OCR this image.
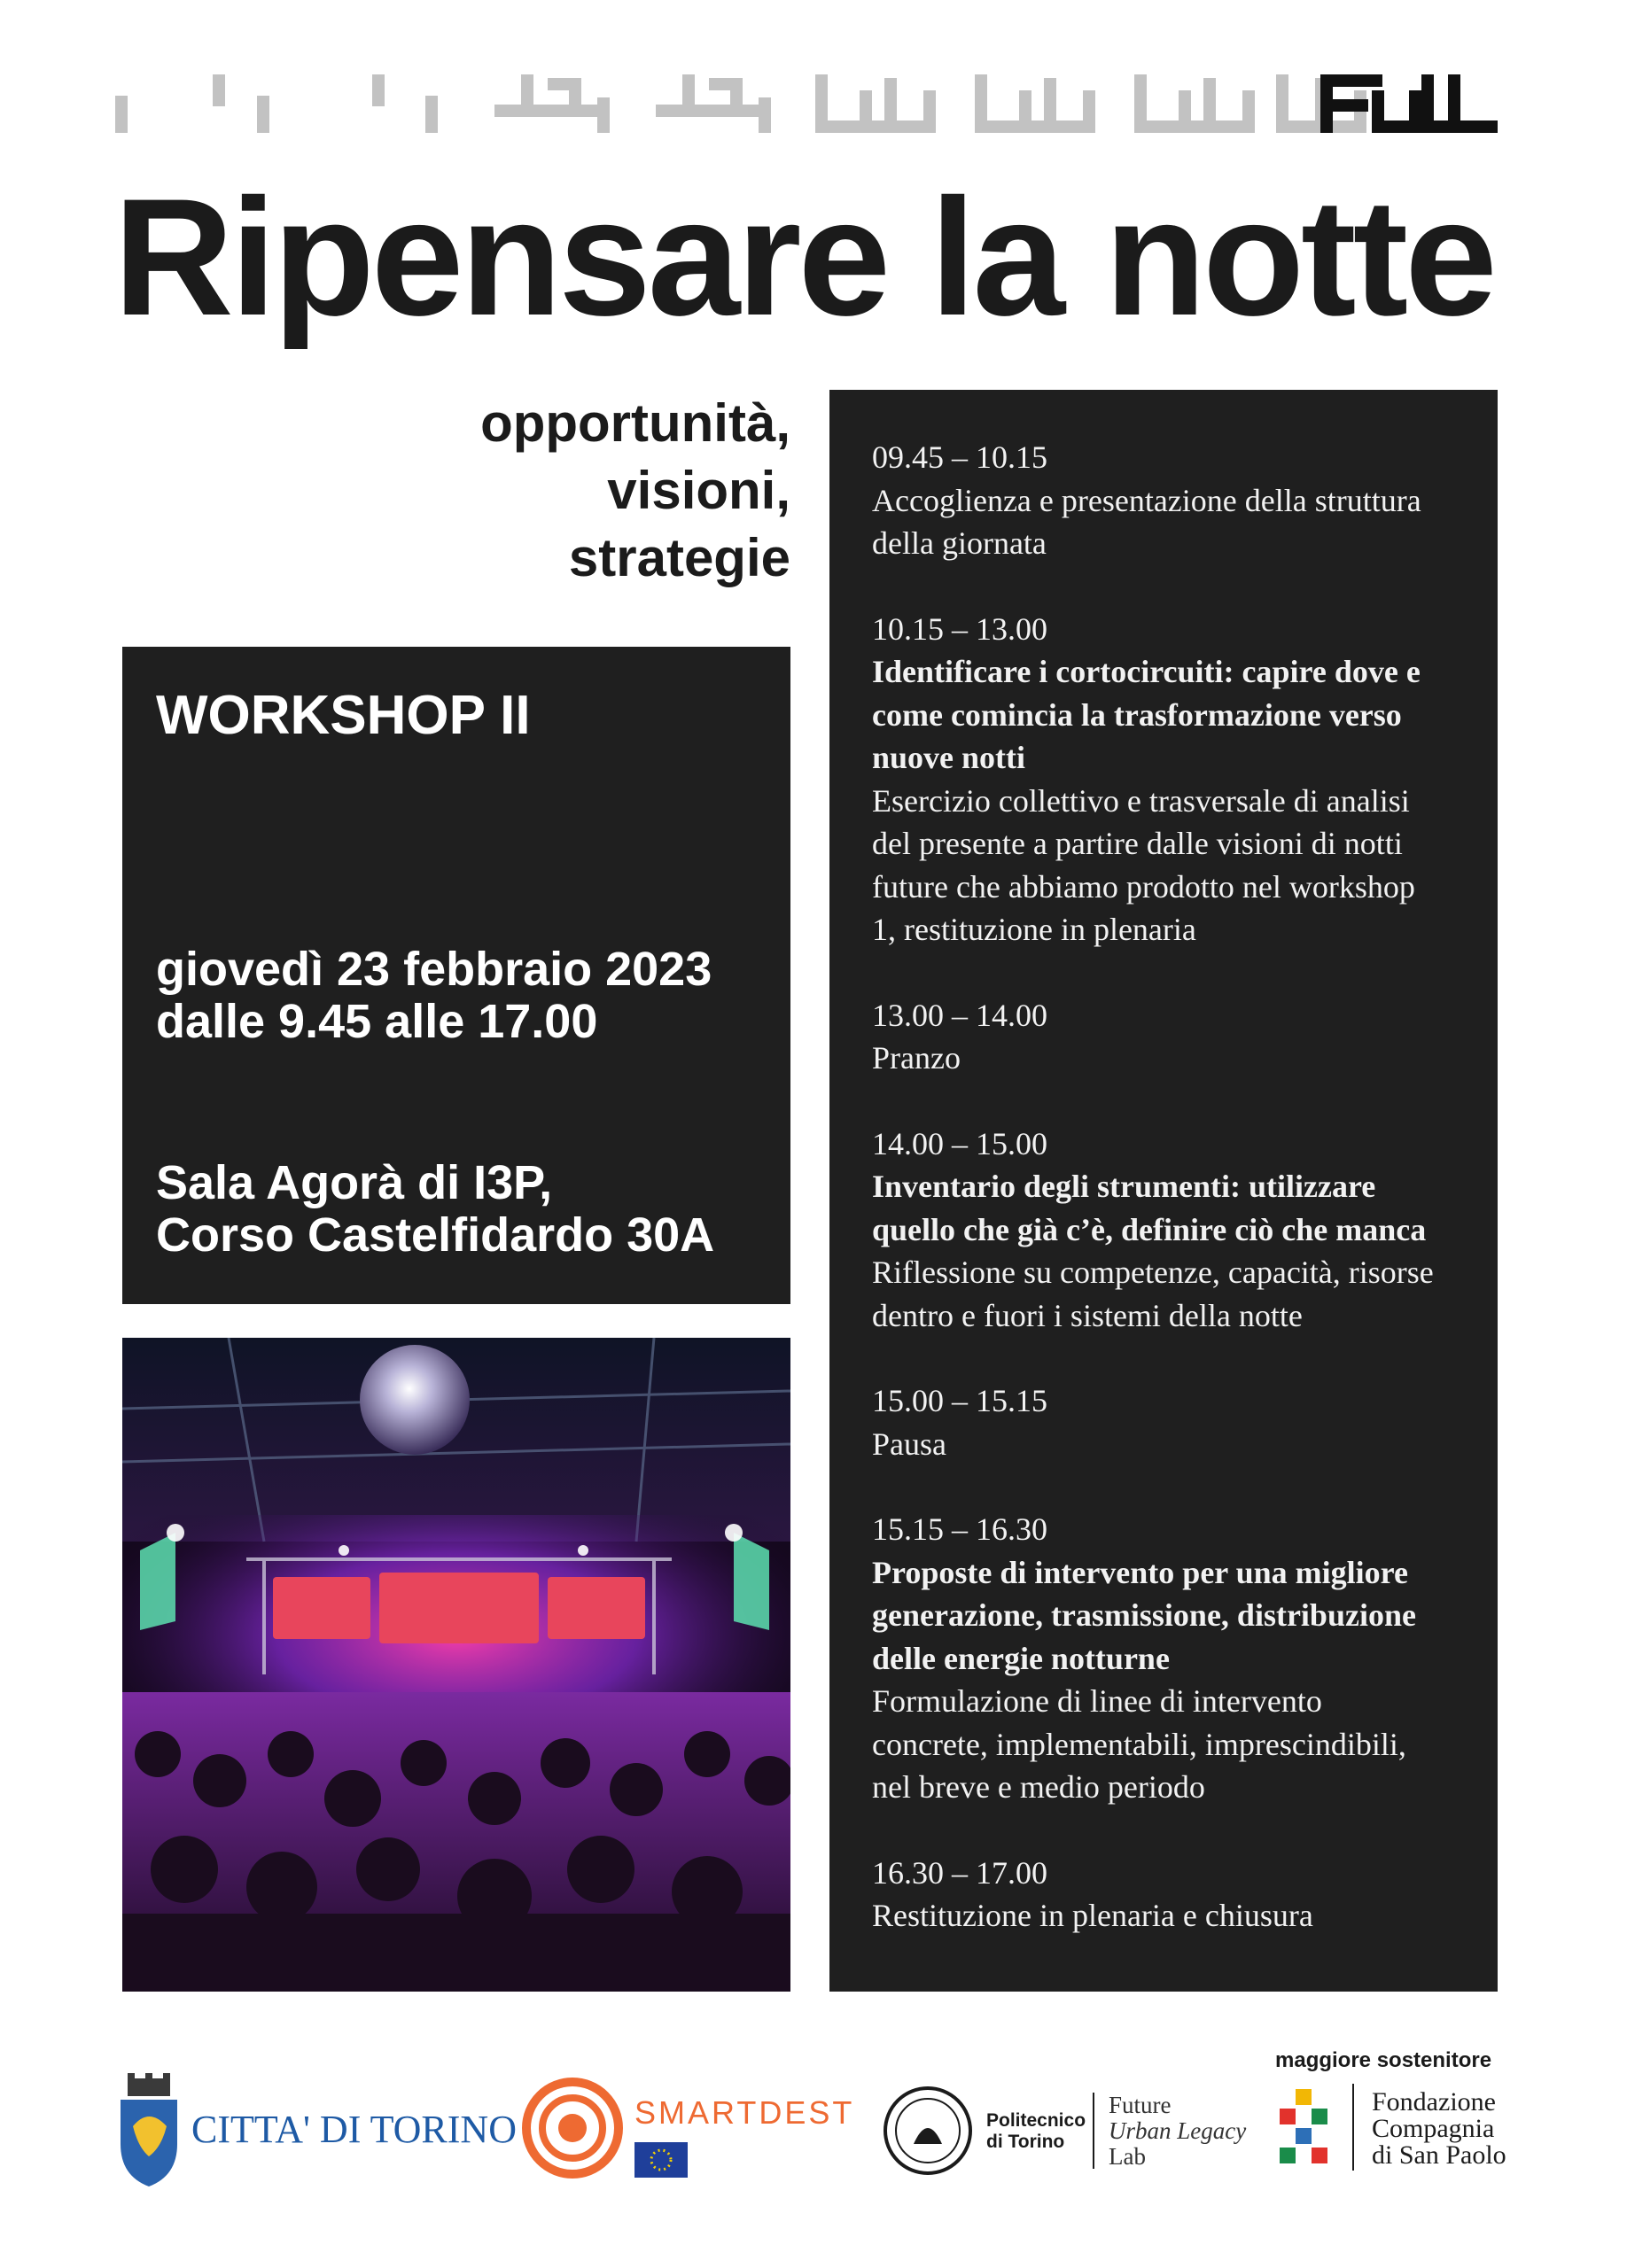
Ripensare la notte
opportunità,
visioni,
strategie
WORKSHOP II
giovedì 23 febbraio 2023
dalle 9.45 alle 17.00
Sala Agorà di I3P,
Corso Castelfidardo 30A
09.45 – 10.15
Accoglienza e presentazione della struttura
della giornata
10.15 – 13.00
Identificare i cortocircuiti: capire dove e
come comincia la trasformazione verso
nuove notti
Esercizio collettivo e trasversale di analisi
del presente a partire dalle visioni di notti
future che abbiamo prodotto nel workshop
1, restituzione in plenaria
13.00 – 14.00
Pranzo
14.00 – 15.00
Inventario degli strumenti: utilizzare
quello che già c’è, definire ciò che manca
Riflessione su competenze, capacità, risorse
dentro e fuori i sistemi della notte
15.00 – 15.15
Pausa
15.15 – 16.30
Proposte di intervento per una migliore
generazione, trasmissione, distribuzione
delle energie notturne
Formulazione di linee di intervento
concrete, implementabili, imprescindibili,
nel breve e medio periodo
16.30 – 17.00
Restituzione in plenaria e chiusura
CITTA' DI TORINO	SMARTDEST	Politecnico
di Torino
Future
Urban Legacy
Lab
maggiore sostenitore
Fondazione
Compagnia
di San Paolo
